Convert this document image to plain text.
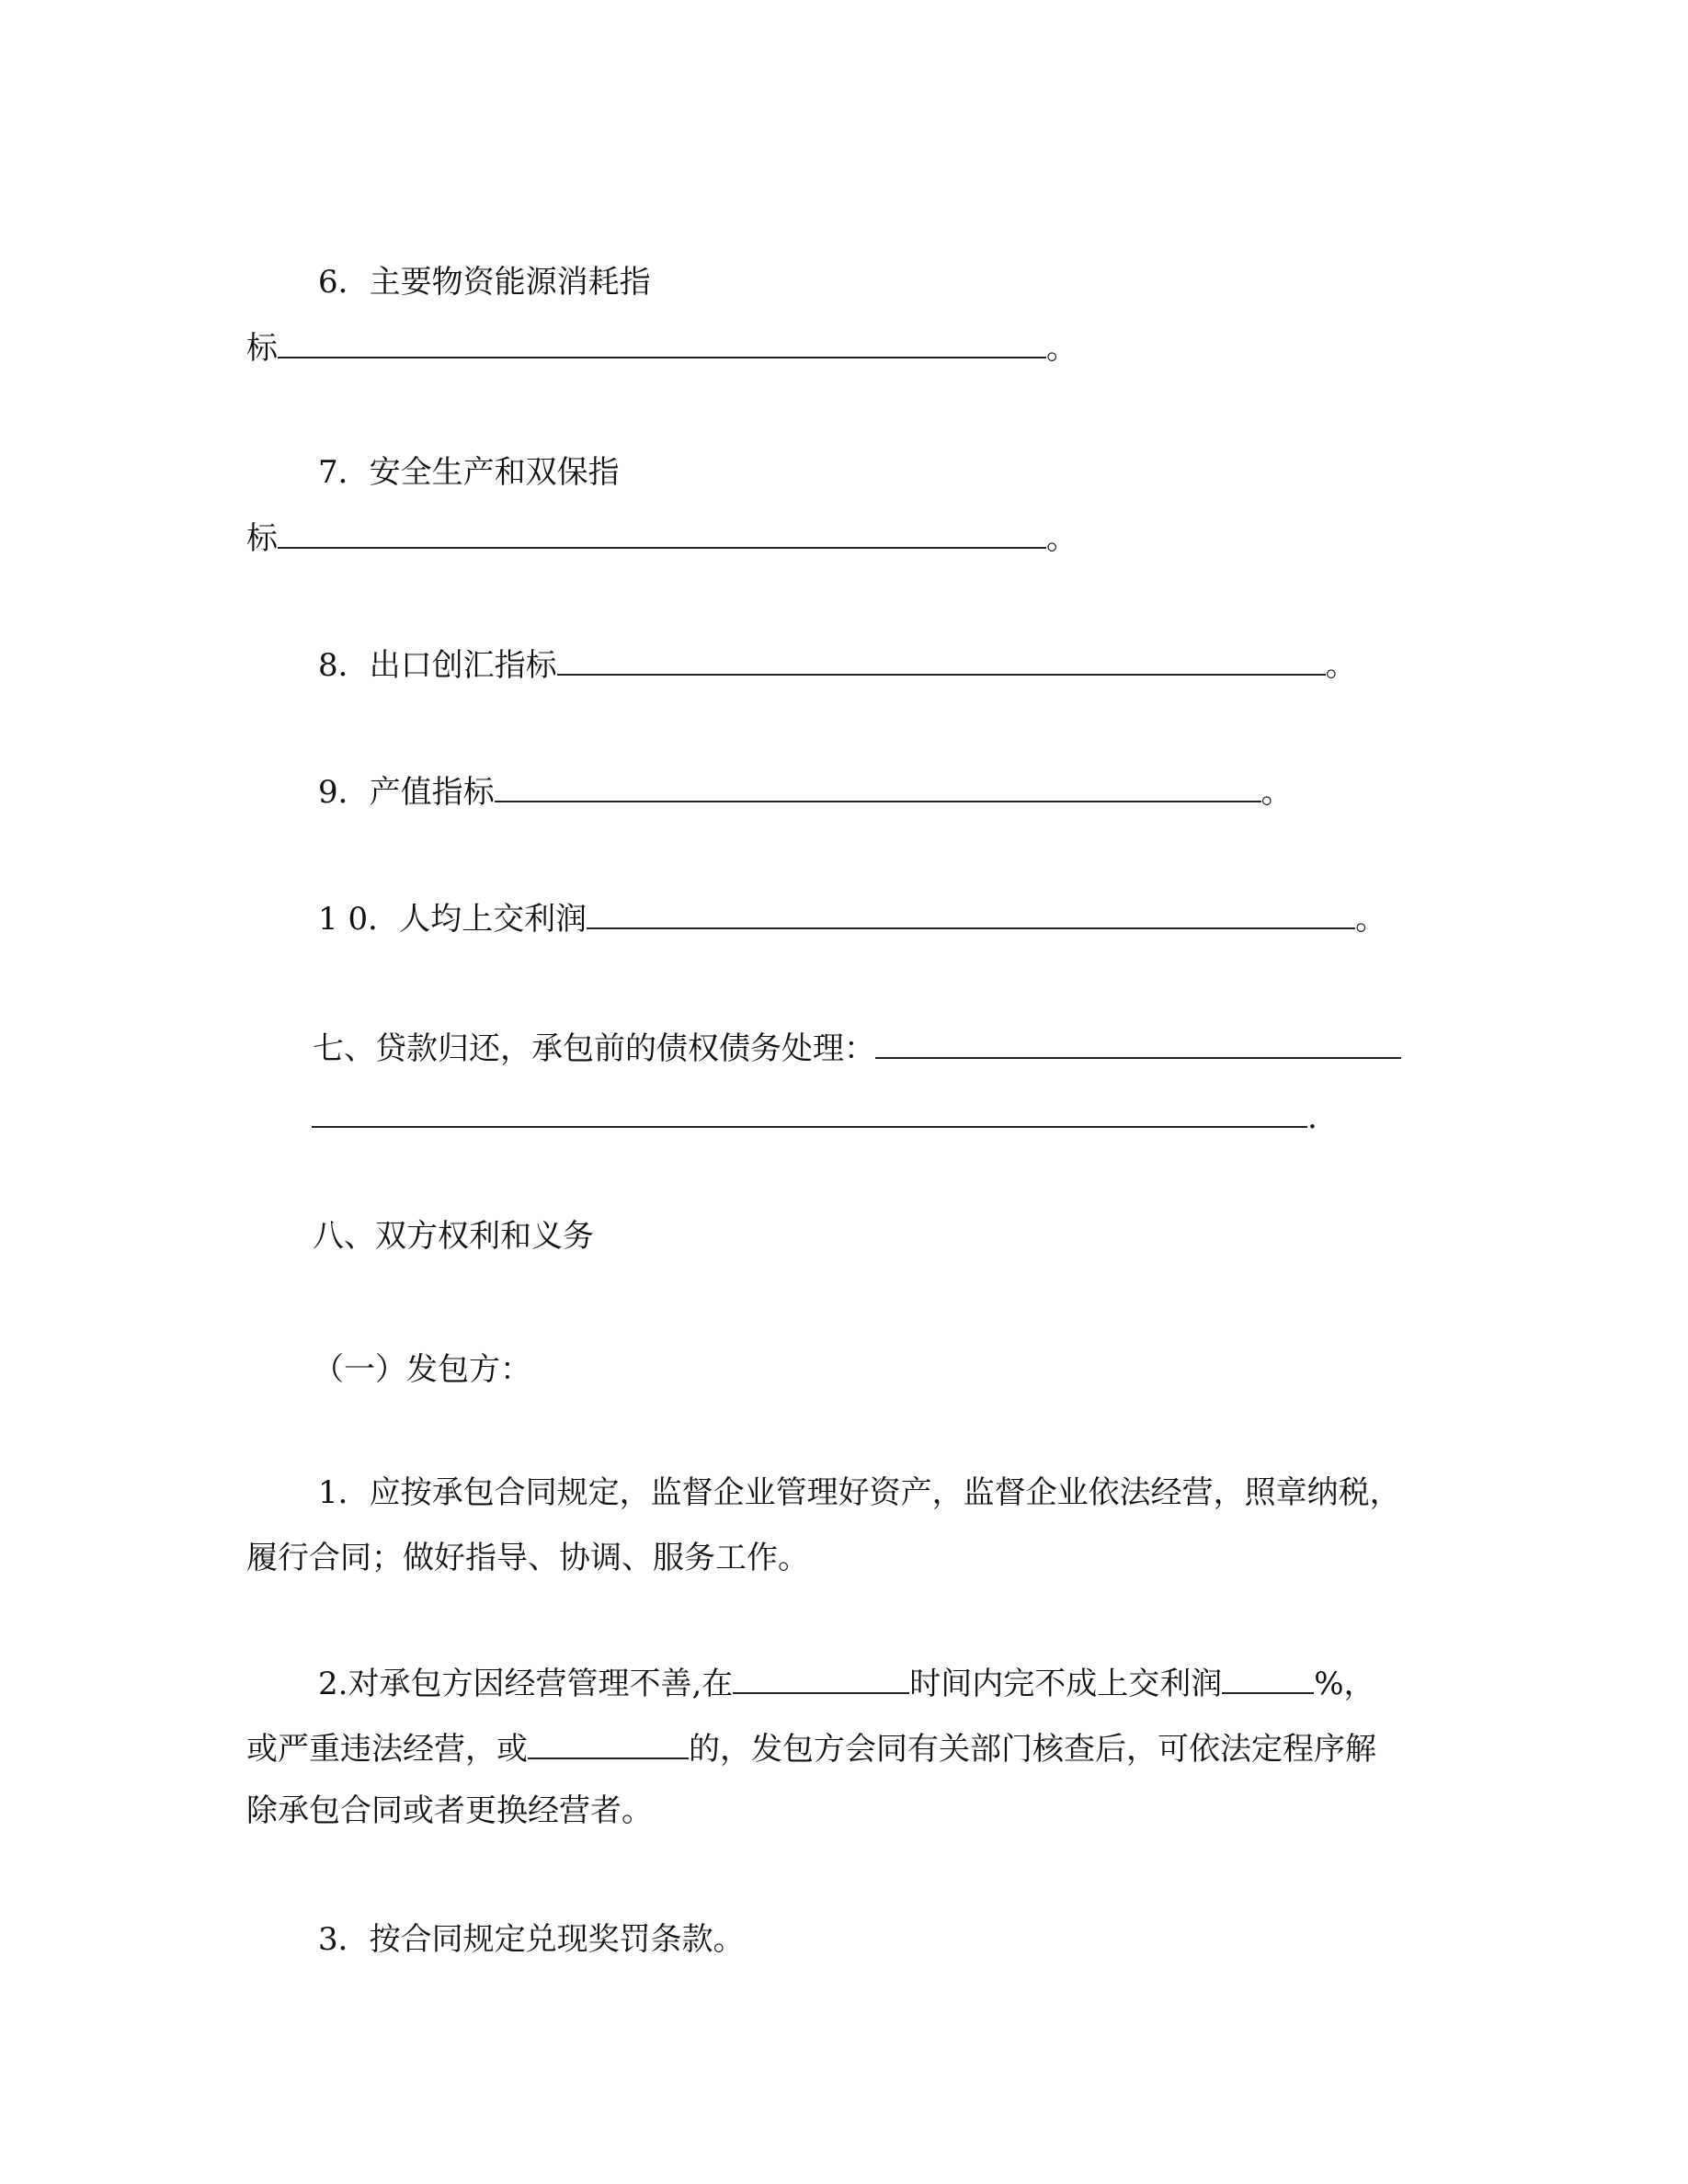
6．主要物资能源消耗指
标	。
7．安全生产和双保指
标	。
8．出口创汇指标	。
9．产值指标	。
1 0．人均上交利润	。
七、贷款归还，承包前的债权债务处理：
.
八、双方权利和义务
（一）发包方：
1．应按承包合同规定，监督企业管理好资产，监督企业依法经营，照章纳税，
履行合同；做好指导、协调、服务工作。
2.对承包方因经营管理不善,在	时间内完不成上交利润	%，
或严重违法经营，或	的，发包方会同有关部门核查后，可依法定程序解
除承包合同或者更换经营者。
3．按合同规定兑现奖罚条款。
